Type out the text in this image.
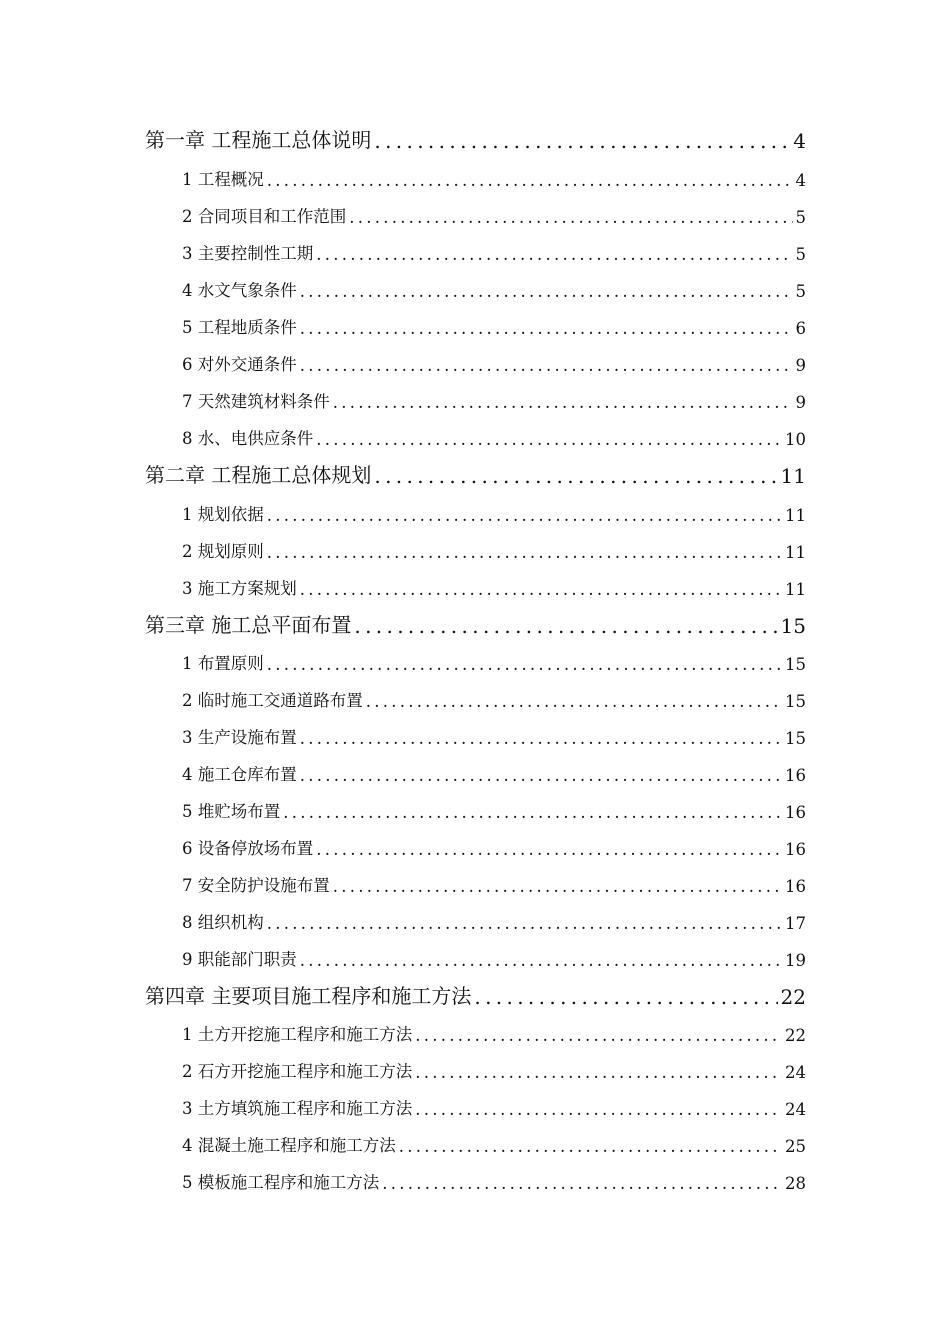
第一章 工程施工总体说明 . . .	4
1 工程概况 . . .	4
2 合同项目和工作范围 . . .	5
3 主要控制性工期 . . .	5
4 水文气象条件 . . .	5
5 工程地质条件 . . .	6
6 对外交通条件 . . .	9
7 天然建筑材料条件 . . .	9
8 水、电供应条件 . . .	10
第二章 工程施工总体规划 . . .	11
1 规划依据 . . .	11
2 规划原则 . . .	11
3 施工方案规划 . . .	11
第三章 施工总平面布置 . . .	15
1 布置原则 . . .	15
2 临时施工交通道路布置 . . .	15
3 生产设施布置 . . .	15
4 施工仓库布置 . . .	16
5 堆贮场布置 . . .	16
6 设备停放场布置 . . .	16
7 安全防护设施布置 . . .	16
8 组织机构 . . .	17
9 职能部门职责 . . .	19
第四章 主要项目施工程序和施工方法 . . .	22
1 土方开挖施工程序和施工方法 . . .	22
2 石方开挖施工程序和施工方法 . . .	24
3 土方填筑施工程序和施工方法 . . .	24
4 混凝土施工程序和施工方法 . . .	25
5 模板施工程序和施工方法 . . .	28
